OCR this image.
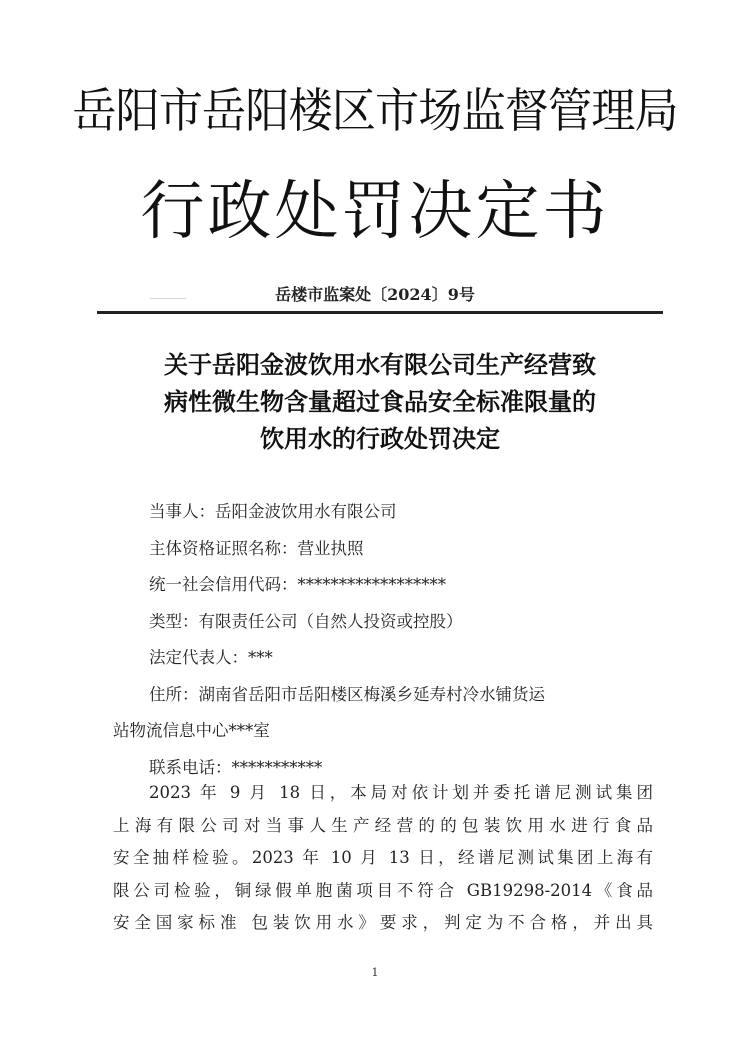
岳阳市岳阳楼区市场监督管理局
行政处罚决定书
岳楼市监案处〔2024〕9号
关于岳阳金波饮用水有限公司生产经营致
病性微生物含量超过食品安全标准限量的
饮用水的行政处罚决定
当事人：岳阳金波饮用水有限公司
主体资格证照名称：营业执照
统一社会信用代码：******************
类型：有限责任公司（自然人投资或控股）
法定代表人：***
住所：湖南省岳阳市岳阳楼区梅溪乡延寿村冷水铺货运
站物流信息中心***室
联系电话：***********
2023 年 9 月 18 日，本局对依计划并委托谱尼测试集团
上海有限公司对当事人生产经营的的包装饮用水进行食品
安全抽样检验。2023 年 10 月 13 日，经谱尼测试集团上海有
限公司检验，铜绿假单胞菌项目不符合 GB19298-2014《食品
安全国家标准 包装饮用水》要求，判定为不合格，并出具
1
